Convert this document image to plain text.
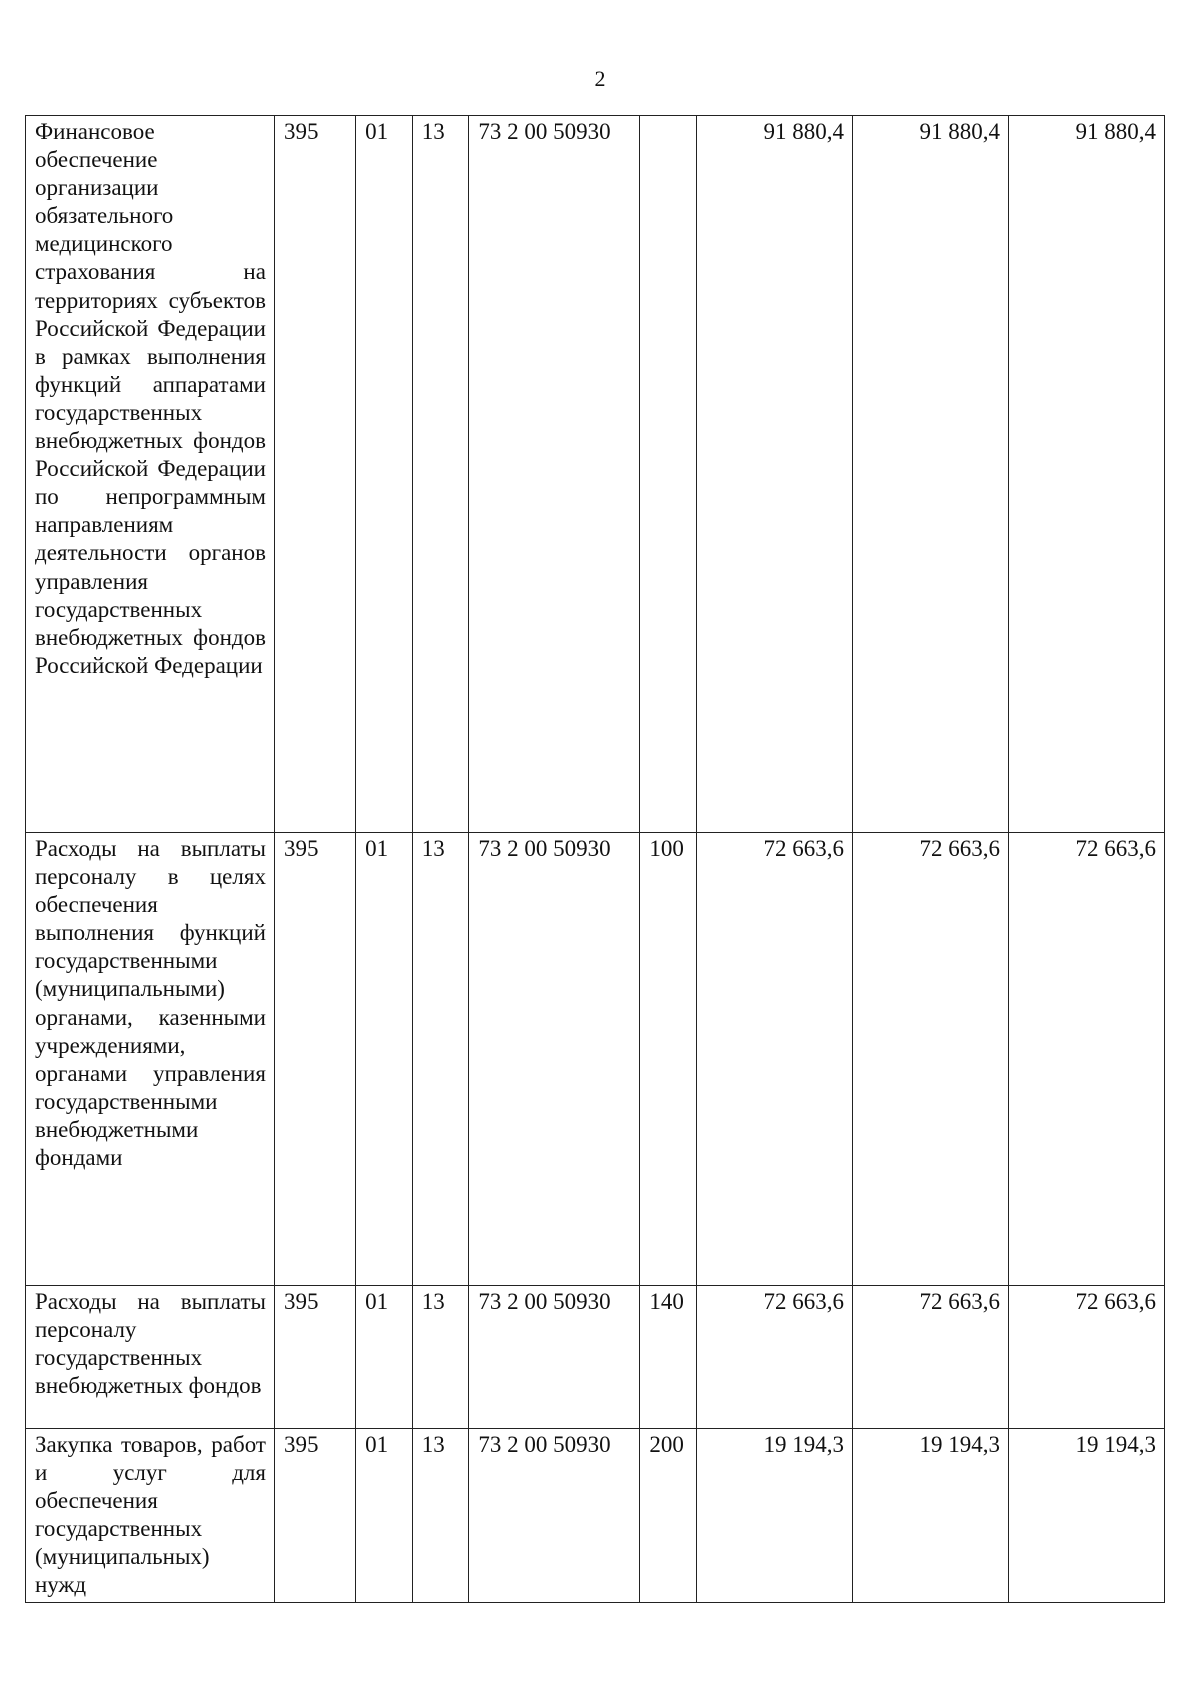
2
Финансовое обеспечение организации обязательного медицинского страхования на территориях субъектов Российской Федерации в рамках выполнения функций аппаратами государственных внебюджетных фондов Российской Федерации по непрограммным направлениям деятельности органов управления государственных внебюджетных фондов Российской Федерации	395	01	13	73 2 00 50930		91 880,4	91 880,4	91 880,4
Расходы на выплаты персоналу в целях обеспечения выполнения функций государственными (муниципальными) органами, казенными учреждениями, органами управления государственными внебюджетными фондами	395	01	13	73 2 00 50930	100	72 663,6	72 663,6	72 663,6
Расходы на выплаты персоналу государственных внебюджетных фондов	395	01	13	73 2 00 50930	140	72 663,6	72 663,6	72 663,6
Закупка товаров, работ и услуг для обеспечения государственных (муниципальных) нужд	395	01	13	73 2 00 50930	200	19 194,3	19 194,3	19 194,3
